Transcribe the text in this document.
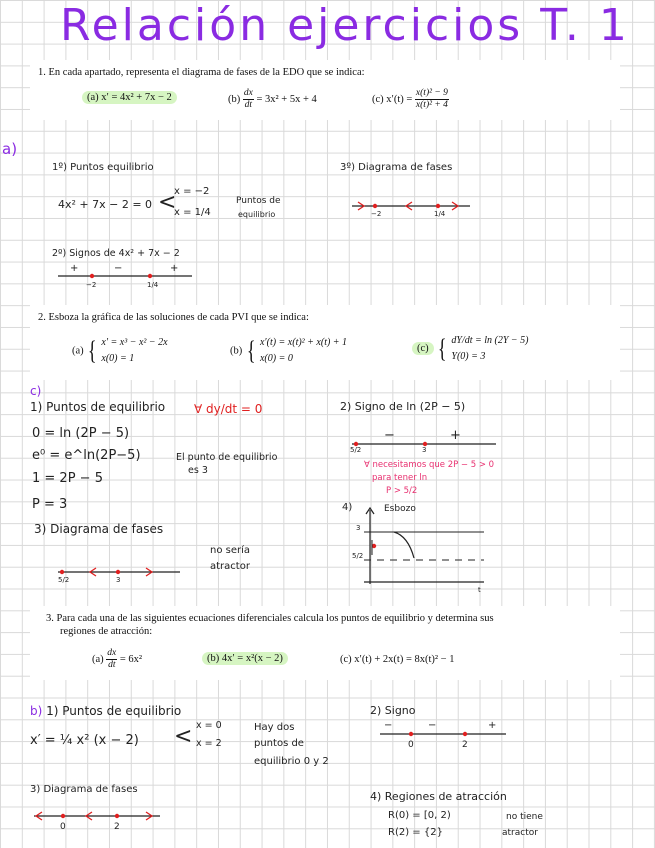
Relación ejercicios T. 1
1. En cada apartado, representa el diagrama de fases de la EDO que se indica:
(a) x′ = 4x² + 7x − 2	$(b) \frac{dx}{dt} = 3x^2 + 5x + 4$	(c) $x'(t) = \frac{\text{x(t)² − 9}}{\text{x(t)² + 4}}$
a)
1º) Puntos equilibrio
4x² + 7x − 2 = 0 <
x = −2
x = 1/4
Puntos de
equilibrio
2º) Signos de 4x² + 7x − 2
+	−	+
−2	1/4
3º) Diagrama de fases
−2	1/4
2. Esboza la gráfica de las soluciones de cada PVI que se indica:
(a) { x′ = x³ − x² − 2x
x(0) = 1
(b) { x′(t) = x(t)² + x(t) + 1
x(0) = 0
(c) { dY/dt = ln (2Y − 5)
Y(0) = 3
c)
1) Puntos de equilibrio ∀ dy/dt = 0
0 = ln (2P − 5)
e⁰ = e^ln(2P−5)
1 = 2P − 5
P = 3
El punto de equilibrio
es 3
2) Signo de ln (2P − 5)
−	+
5/2	3
∀ necesitamos que 2P − 5 > 0
para tener ln
P > 5/2
3) Diagrama de fases
no sería
atractor
5/2	3
4)	Esbozo
3
5/2
t
3. Para cada una de las siguientes ecuaciones diferenciales calcula los puntos de equilibrio y determina sus
regiones de atracción:
$(a) \frac{dx}{dt} = 6x^2$	(b) 4x′ = x²(x − 2)	(c) x′(t) + 2x(t) = 8x(t)² − 1
b) 1) Puntos de equilibrio
x′ = ¼ x² (x − 2) < x = 0
x = 2
Hay dos
puntos de
equilibrio 0 y 2
2) Signo
−	−	+
0	2
3) Diagrama de fases
0	2
4) Regiones de atracción
R(0) = [0, 2)
R(2) = {2}
no tiene
atractor
